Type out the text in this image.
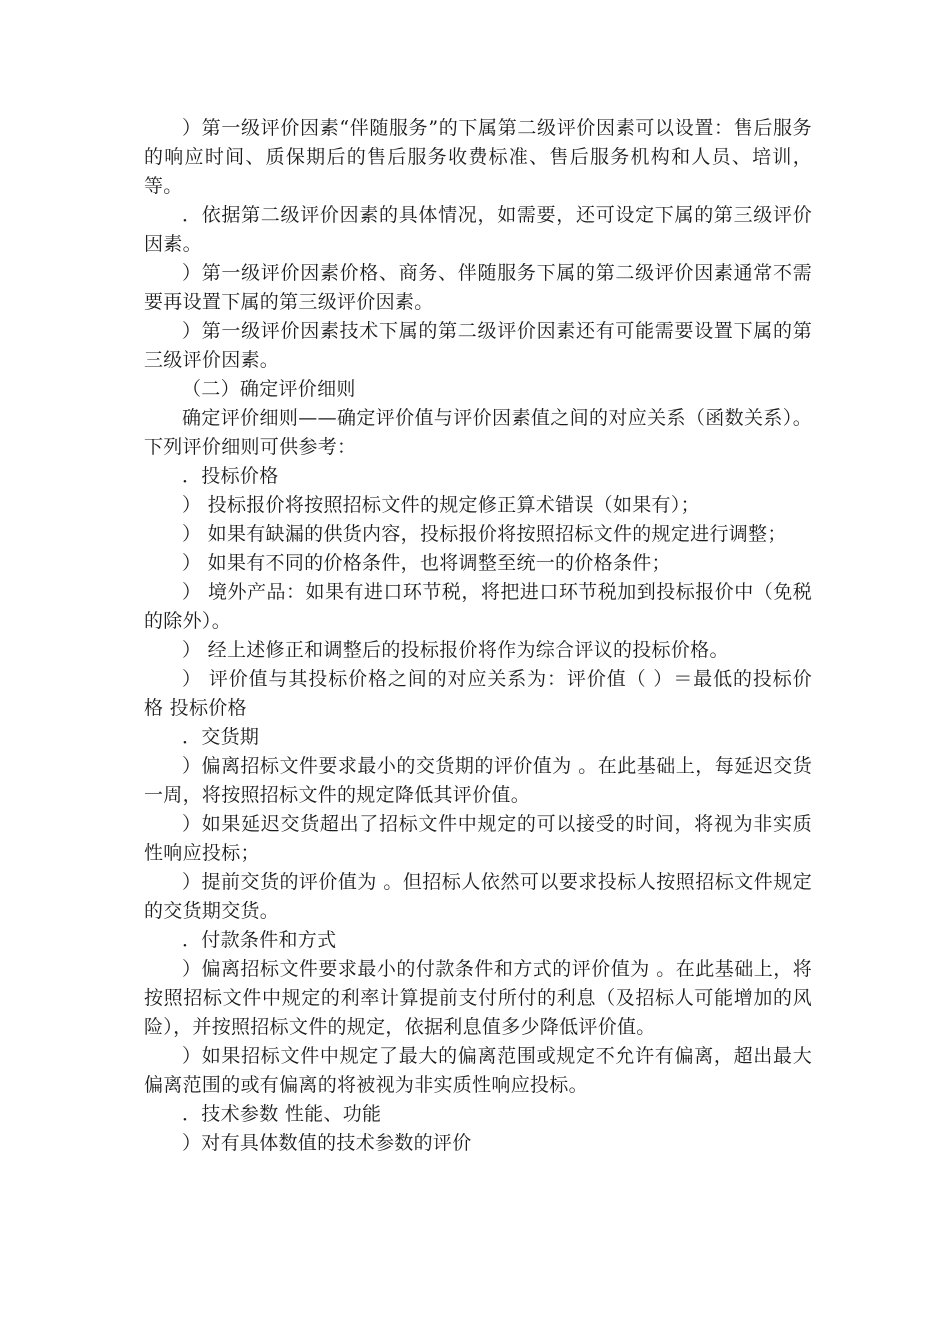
）第一级评价因素“伴随服务”的下属第二级评价因素可以设置：售后服务的响应时间、质保期后的售后服务收费标准、售后服务机构和人员、培训，等。

．依据第二级评价因素的具体情况，如需要，还可设定下属的第三级评价因素。

）第一级评价因素价格、商务、伴随服务下属的第二级评价因素通常不需要再设置下属的第三级评价因素。

）第一级评价因素技术下属的第二级评价因素还有可能需要设置下属的第三级评价因素。

（二）确定评价细则

确定评价细则——确定评价值与评价因素值之间的对应关系（函数关系）。下列评价细则可供参考：

．投标价格

） 投标报价将按照招标文件的规定修正算术错误（如果有）；

） 如果有缺漏的供货内容，投标报价将按照招标文件的规定进行调整；

） 如果有不同的价格条件，也将调整至统一的价格条件；

） 境外产品：如果有进口环节税，将把进口环节税加到投标报价中（免税的除外）。

） 经上述修正和调整后的投标报价将作为综合评议的投标价格。

） 评价值与其投标价格之间的对应关系为：评价值（ ）＝最低的投标价格 投标价格

．交货期

）偏离招标文件要求最小的交货期的评价值为 。在此基础上，每延迟交货一周，将按照招标文件的规定降低其评价值。

）如果延迟交货超出了招标文件中规定的可以接受的时间，将视为非实质性响应投标；

）提前交货的评价值为 。但招标人依然可以要求投标人按照招标文件规定的交货期交货。

．付款条件和方式

）偏离招标文件要求最小的付款条件和方式的评价值为 。在此基础上，将按照招标文件中规定的利率计算提前支付所付的利息（及招标人可能增加的风险），并按照招标文件的规定，依据利息值多少降低评价值。

）如果招标文件中规定了最大的偏离范围或规定不允许有偏离，超出最大偏离范围的或有偏离的将被视为非实质性响应投标。

．技术参数 性能、功能

）对有具体数值的技术参数的评价
